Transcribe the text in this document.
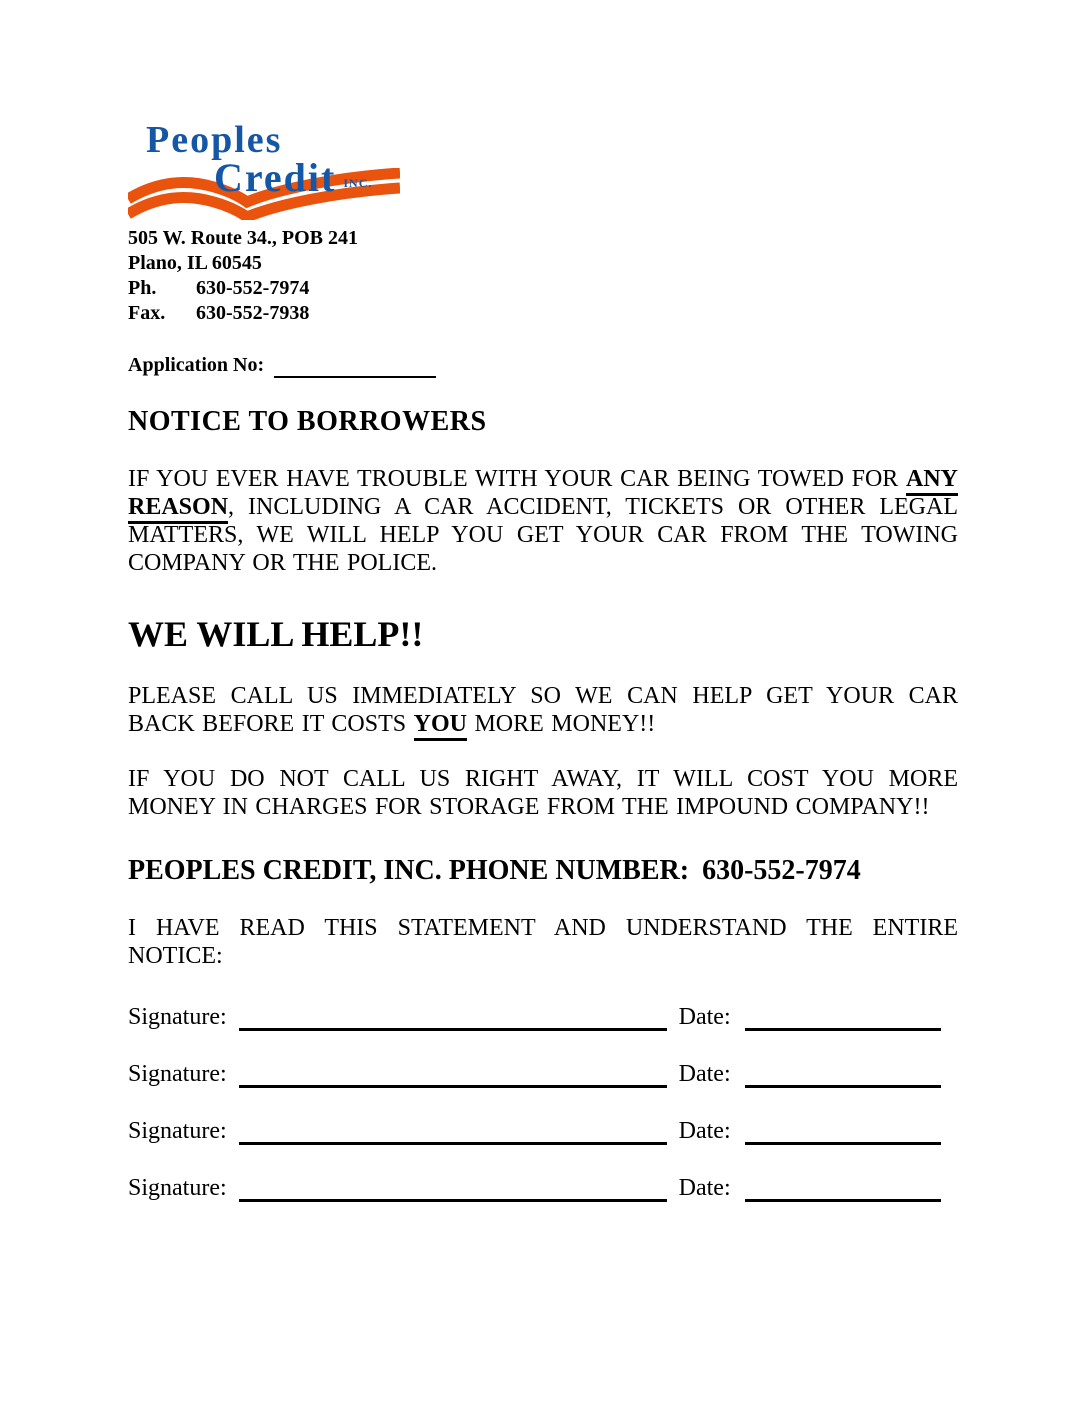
Peoples
Credit INC.
505 W. Route 34., POB 241
Plano, IL 60545
Ph. 630-552-7974
Fax. 630-552-7938
Application No:
NOTICE TO BORROWERS

IF YOU EVER HAVE TROUBLE WITH YOUR CAR BEING TOWED FOR ANY REASON, INCLUDING A CAR ACCIDENT, TICKETS OR OTHER LEGAL MATTERS, WE WILL HELP YOU GET YOUR CAR FROM THE TOWING COMPANY OR THE POLICE.

WE WILL HELP!!

PLEASE CALL US IMMEDIATELY SO WE CAN HELP GET YOUR CAR BACK BEFORE IT COSTS YOU MORE MONEY!!

IF YOU DO NOT CALL US RIGHT AWAY, IT WILL COST YOU MORE MONEY IN CHARGES FOR STORAGE FROM THE IMPOUND COMPANY!!

PEOPLES CREDIT, INC. PHONE NUMBER: 630-552-7974

I HAVE READ THIS STATEMENT AND UNDERSTAND THE ENTIRE NOTICE:

Signature:	Date:
Signature:	Date:
Signature:	Date:
Signature:	Date:
